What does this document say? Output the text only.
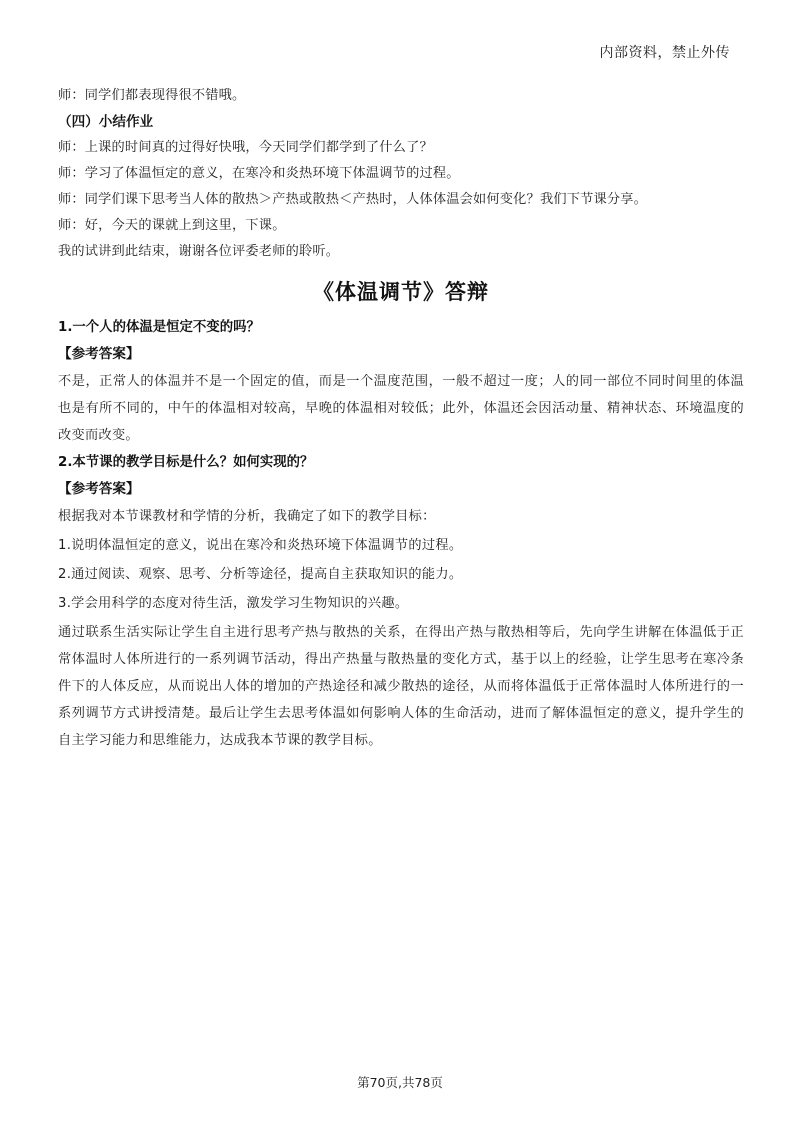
内部资料，禁止外传

师：同学们都表现得很不错哦。

（四）小结作业

师：上课的时间真的过得好快哦，今天同学们都学到了什么了？

师：学习了体温恒定的意义，在寒冷和炎热环境下体温调节的过程。

师：同学们课下思考当人体的散热＞产热或散热＜产热时，人体体温会如何变化？我们下节课分享。

师：好，今天的课就上到这里，下课。

我的试讲到此结束，谢谢各位评委老师的聆听。

《体温调节》答辩

1.一个人的体温是恒定不变的吗？

【参考答案】

不是，正常人的体温并不是一个固定的值，而是一个温度范围，一般不超过一度；人的同一部位不同时间里的体温也是有所不同的，中午的体温相对较高，早晚的体温相对较低；此外，体温还会因活动量、精神状态、环境温度的改变而改变。

2.本节课的教学目标是什么？如何实现的？

【参考答案】

根据我对本节课教材和学情的分析，我确定了如下的教学目标：

1.说明体温恒定的意义，说出在寒冷和炎热环境下体温调节的过程。

2.通过阅读、观察、思考、分析等途径，提高自主获取知识的能力。

3.学会用科学的态度对待生活，激发学习生物知识的兴趣。

通过联系生活实际让学生自主进行思考产热与散热的关系，在得出产热与散热相等后，先向学生讲解在体温低于正常体温时人体所进行的一系列调节活动，得出产热量与散热量的变化方式，基于以上的经验，让学生思考在寒冷条件下的人体反应，从而说出人体的增加的产热途径和减少散热的途径，从而将体温低于正常体温时人体所进行的一系列调节方式讲授清楚。最后让学生去思考体温如何影响人体的生命活动，进而了解体温恒定的意义，提升学生的自主学习能力和思维能力，达成我本节课的教学目标。

第70页,共78页
